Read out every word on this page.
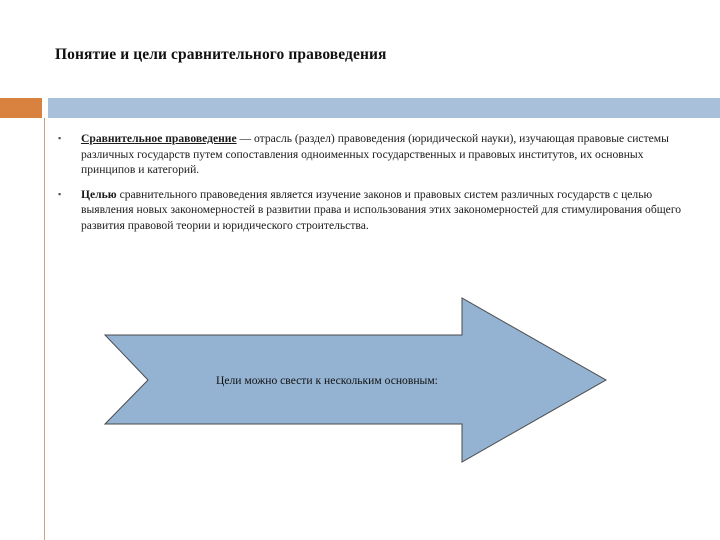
Понятие и цели сравнительного правоведения
▪ Сравнительное правоведение — отрасль (раздел) правоведения (юридической науки), изучающая правовые системы различных государств путем сопоставления одноименных государственных и правовых институтов, их основных принципов и категорий.
▪ Целью сравнительного правоведения является изучение законов и правовых систем различных государств с целью выявления новых закономерностей в развитии права и использования этих закономерностей для стимулирования общего развития правовой теории и юридического строительства.
Цели можно свести к нескольким основным:
